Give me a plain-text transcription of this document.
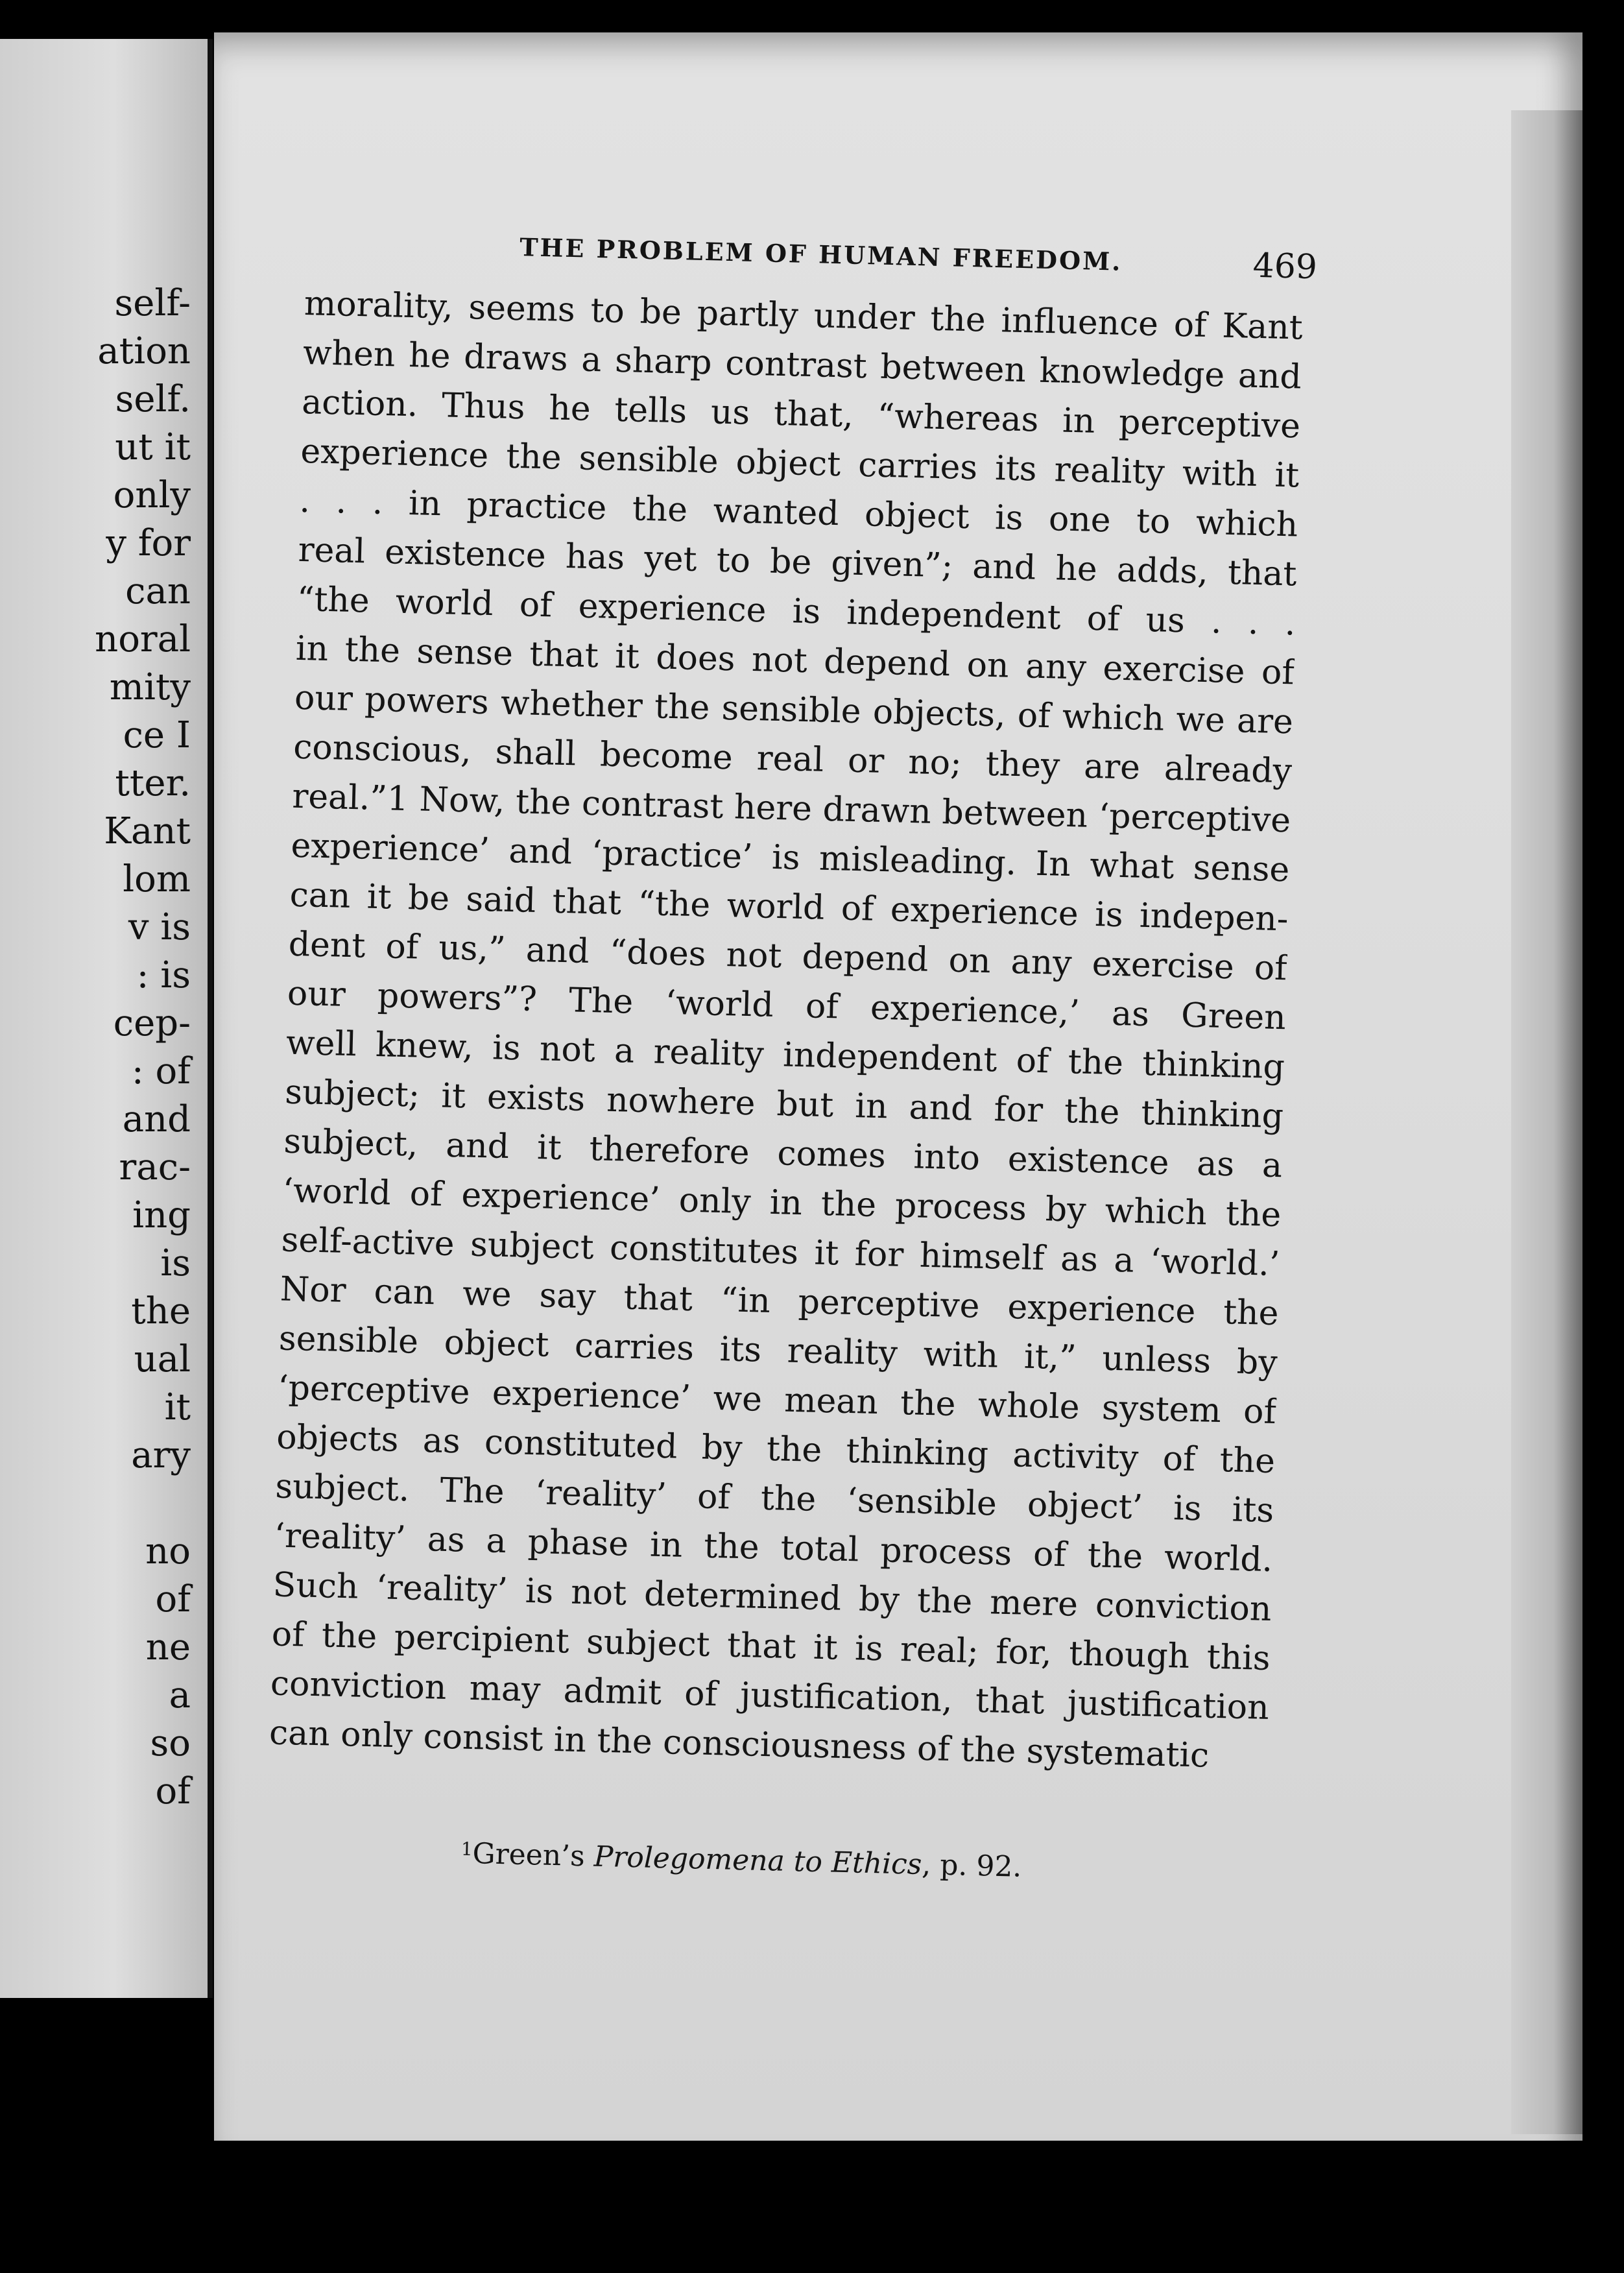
self-
ation
self.
ut it
only
y for
can
noral
mity
ce I
tter.
Kant
lom
v is
: is
cep-
: of
and
rac-
ing
is
the
ual
it
ary
no
of
ne
a
so
of
THE PROBLEM OF HUMAN FREEDOM.	469
morality, seems to be partly under the influence of Kant
when he draws a sharp contrast between knowledge and
action. Thus he tells us that, “whereas in perceptive
experience the sensible object carries its reality with it
. . . in practice the wanted object is one to which
real existence has yet to be given”; and he adds, that
“the world of experience is independent of us . . .
in the sense that it does not depend on any exercise of
our powers whether the sensible objects, of which we are
conscious, shall become real or no; they are already
real.”1 Now, the contrast here drawn between ‘perceptive
experience’ and ‘practice’ is misleading. In what sense
can it be said that “the world of experience is indepen-
dent of us,” and “does not depend on any exercise of
our powers”? The ‘world of experience,’ as Green
well knew, is not a reality independent of the thinking
subject; it exists nowhere but in and for the thinking
subject, and it therefore comes into existence as a
‘world of experience’ only in the process by which the
self-active subject constitutes it for himself as a ‘world.’
Nor can we say that “in perceptive experience the
sensible object carries its reality with it,” unless by
‘perceptive experience’ we mean the whole system of
objects as constituted by the thinking activity of the
subject. The ‘reality’ of the ‘sensible object’ is its
‘reality’ as a phase in the total process of the world.
Such ‘reality’ is not determined by the mere conviction
of the percipient subject that it is real; for, though this
conviction may admit of justification, that justification
can only consist in the consciousness of the systematic
$^1$Green’s Prolegomena to Ethics, p. 92.
